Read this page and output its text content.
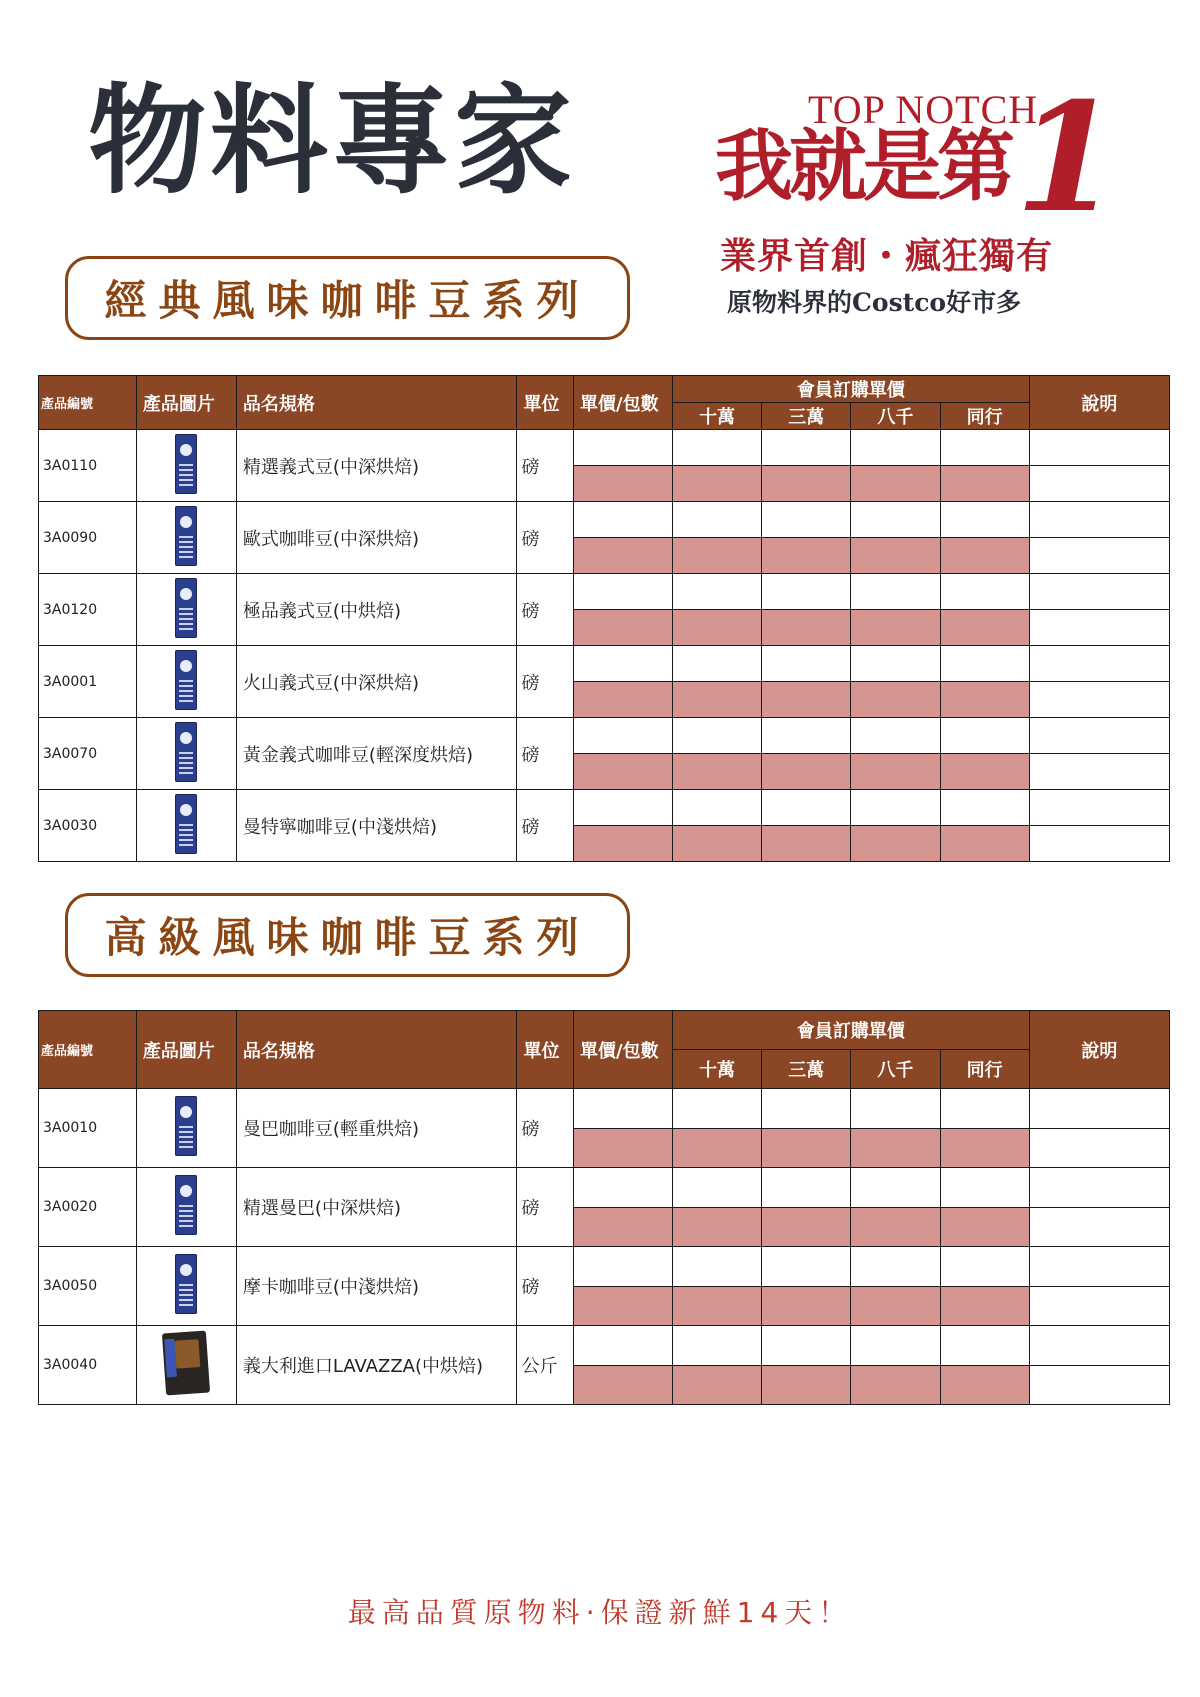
物料專家	TOP NOTCH
我就是第 1
業界首創・瘋狂獨有
原物料界的Costco好市多
經典風味咖啡豆系列
產品編號	產品圖片	品名規格	單位	單價/包數	會員訂購單價				說明
					十萬	三萬	八千	同行	
3A0110		精選義式豆(中深烘焙)	磅						

3A0090		歐式咖啡豆(中深烘焙)	磅						

3A0120		極品義式豆(中烘焙)	磅						

3A0001		火山義式豆(中深烘焙)	磅						

3A0070		黃金義式咖啡豆(輕深度烘焙)	磅						

3A0030		曼特寧咖啡豆(中淺烘焙)	磅						

高級風味咖啡豆系列
產品編號	產品圖片	品名規格	單位	單價/包數	會員訂購單價				說明
					十萬	三萬	八千	同行	
3A0010		曼巴咖啡豆(輕重烘焙)	磅						

3A0020		精選曼巴(中深烘焙)	磅						

3A0050		摩卡咖啡豆(中淺烘焙)	磅						

3A0040		義大利進口LAVAZZA(中烘焙)	公斤						

最高品質原物料·保證新鮮14天！
